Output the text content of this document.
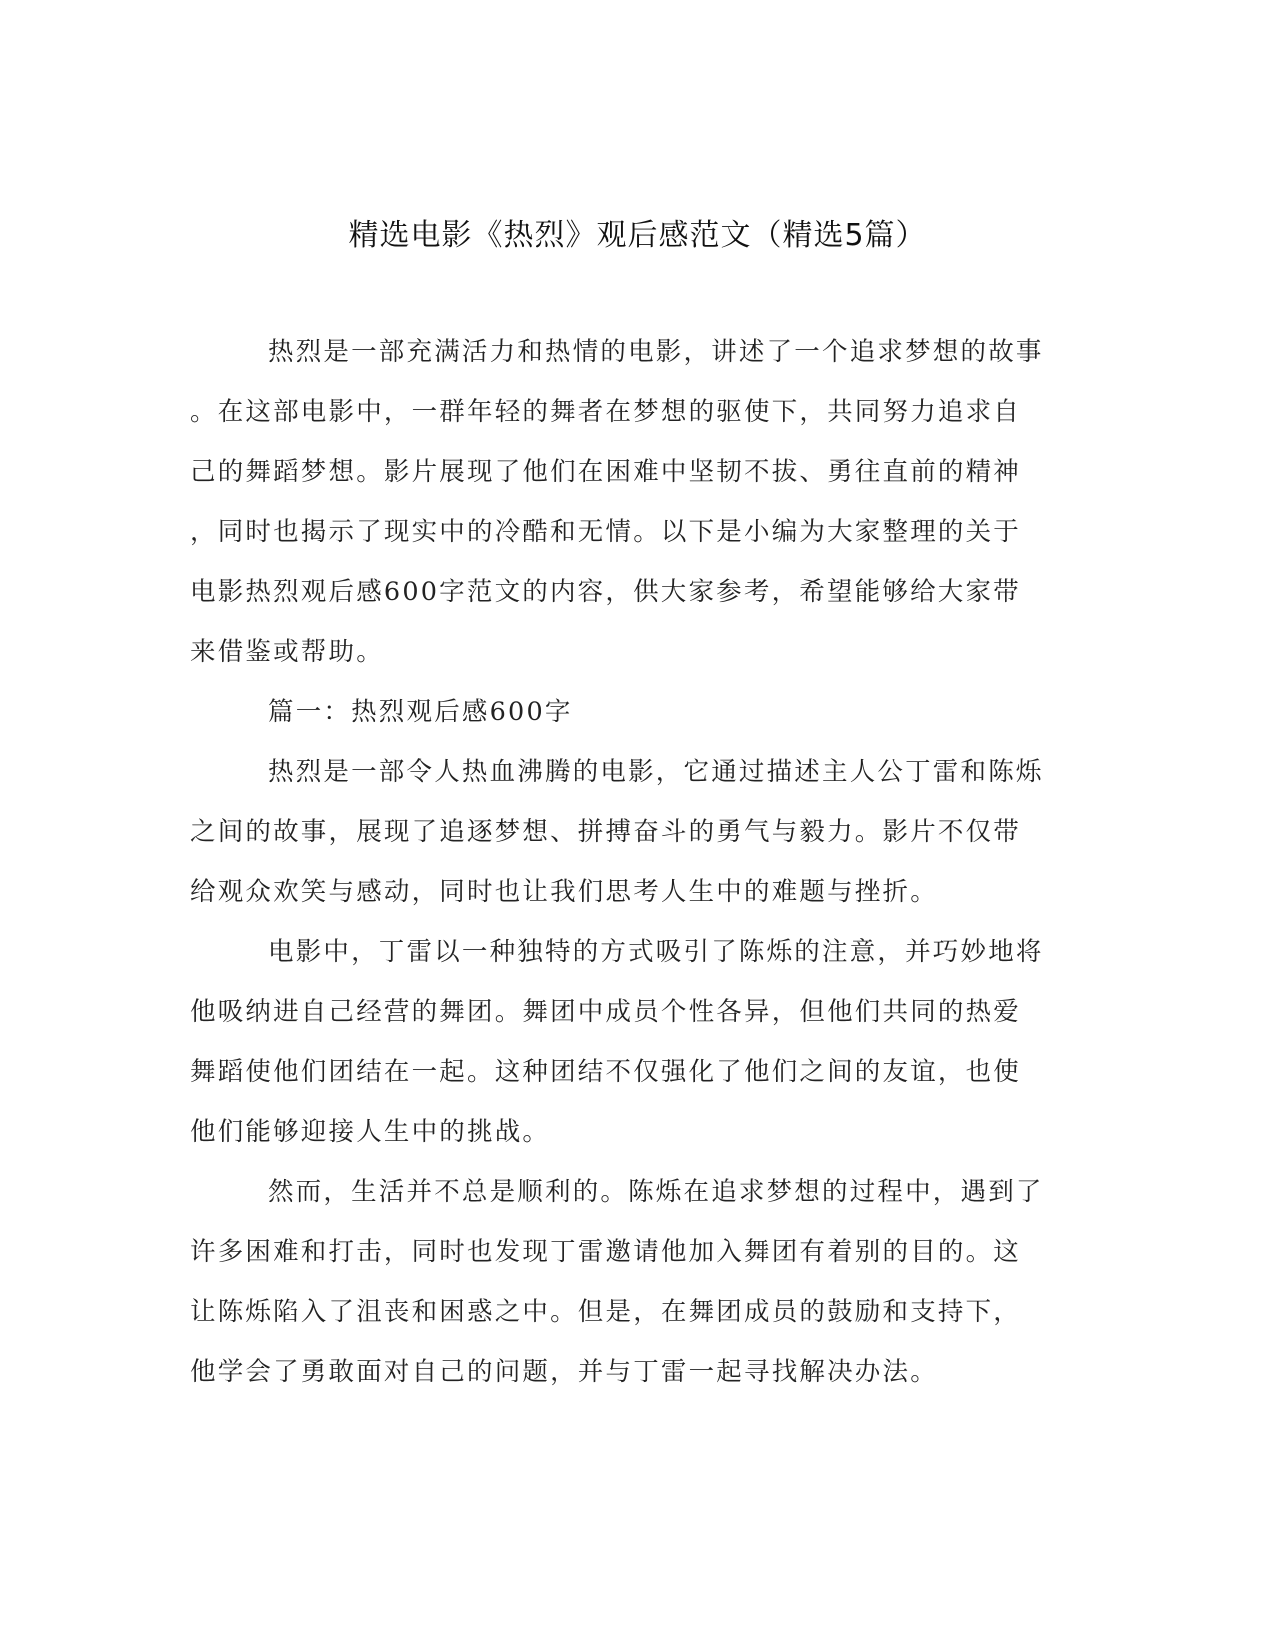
精选电影《热烈》观后感范文（精选5篇）
热烈是一部充满活力和热情的电影，讲述了一个追求梦想的故事
。在这部电影中，一群年轻的舞者在梦想的驱使下，共同努力追求自
己的舞蹈梦想。影片展现了他们在困难中坚韧不拔、勇往直前的精神
，同时也揭示了现实中的冷酷和无情。以下是小编为大家整理的关于
电影热烈观后感600字范文的内容，供大家参考，希望能够给大家带
来借鉴或帮助。
篇一：热烈观后感600字
热烈是一部令人热血沸腾的电影，它通过描述主人公丁雷和陈烁
之间的故事，展现了追逐梦想、拼搏奋斗的勇气与毅力。影片不仅带
给观众欢笑与感动，同时也让我们思考人生中的难题与挫折。
电影中，丁雷以一种独特的方式吸引了陈烁的注意，并巧妙地将
他吸纳进自己经营的舞团。舞团中成员个性各异，但他们共同的热爱
舞蹈使他们团结在一起。这种团结不仅强化了他们之间的友谊，也使
他们能够迎接人生中的挑战。
然而，生活并不总是顺利的。陈烁在追求梦想的过程中，遇到了
许多困难和打击，同时也发现丁雷邀请他加入舞团有着别的目的。这
让陈烁陷入了沮丧和困惑之中。但是，在舞团成员的鼓励和支持下，
他学会了勇敢面对自己的问题，并与丁雷一起寻找解决办法。
